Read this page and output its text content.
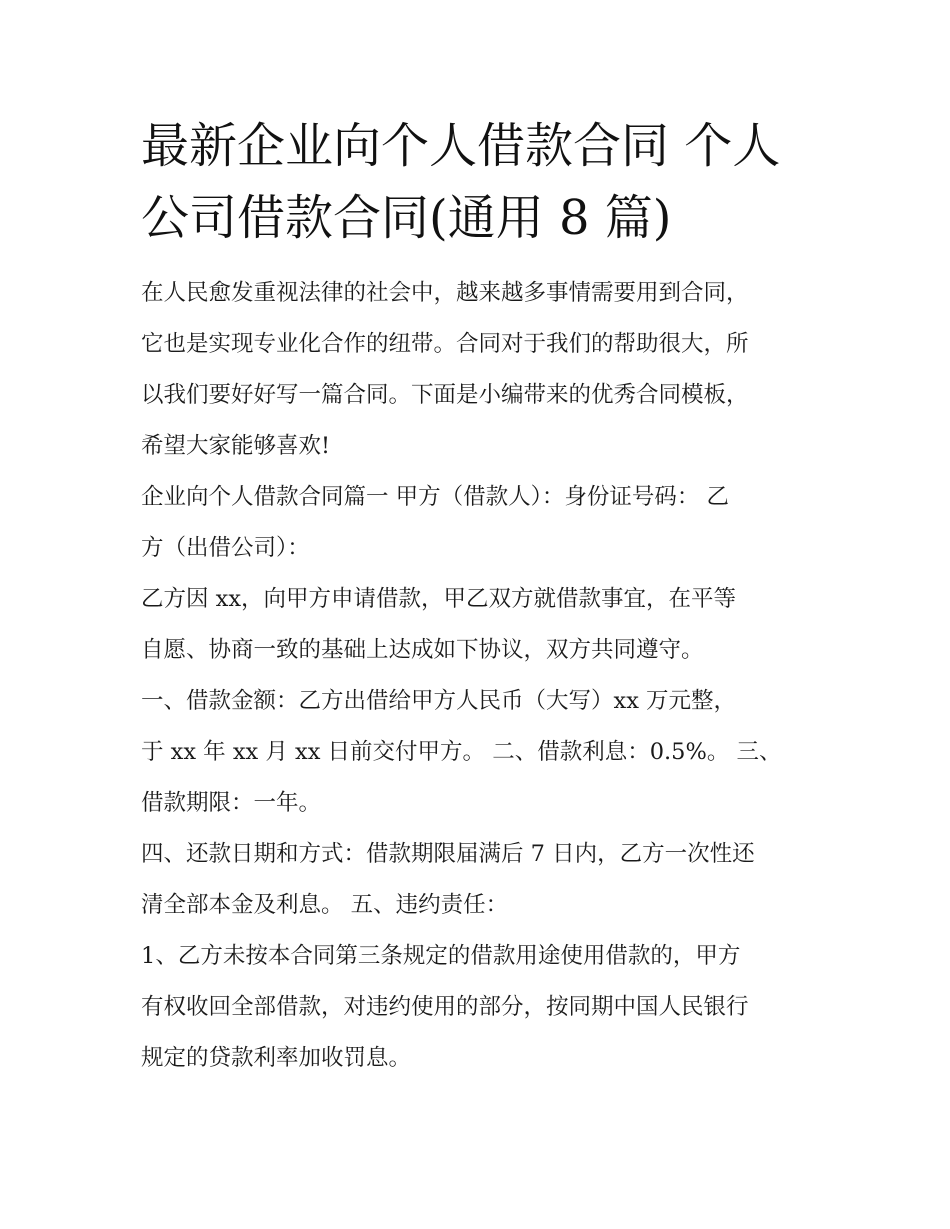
最新企业向个人借款合同 个人
公司借款合同(通用 8 篇)
在人民愈发重视法律的社会中，越来越多事情需要用到合同，
它也是实现专业化合作的纽带。合同对于我们的帮助很大，所
以我们要好好写一篇合同。下面是小编带来的优秀合同模板，
希望大家能够喜欢!
企业向个人借款合同篇一 甲方（借款人）：身份证号码： 乙
方（出借公司）：
乙方因 xx，向甲方申请借款，甲乙双方就借款事宜，在平等
自愿、协商一致的基础上达成如下协议，双方共同遵守。
一、借款金额：乙方出借给甲方人民币（大写）xx 万元整，
于 xx 年 xx 月 xx 日前交付甲方。 二、借款利息：0.5%。 三、
借款期限：一年。
四、还款日期和方式：借款期限届满后 7 日内，乙方一次性还
清全部本金及利息。 五、违约责任：
1、乙方未按本合同第三条规定的借款用途使用借款的，甲方
有权收回全部借款，对违约使用的部分，按同期中国人民银行
规定的贷款利率加收罚息。
